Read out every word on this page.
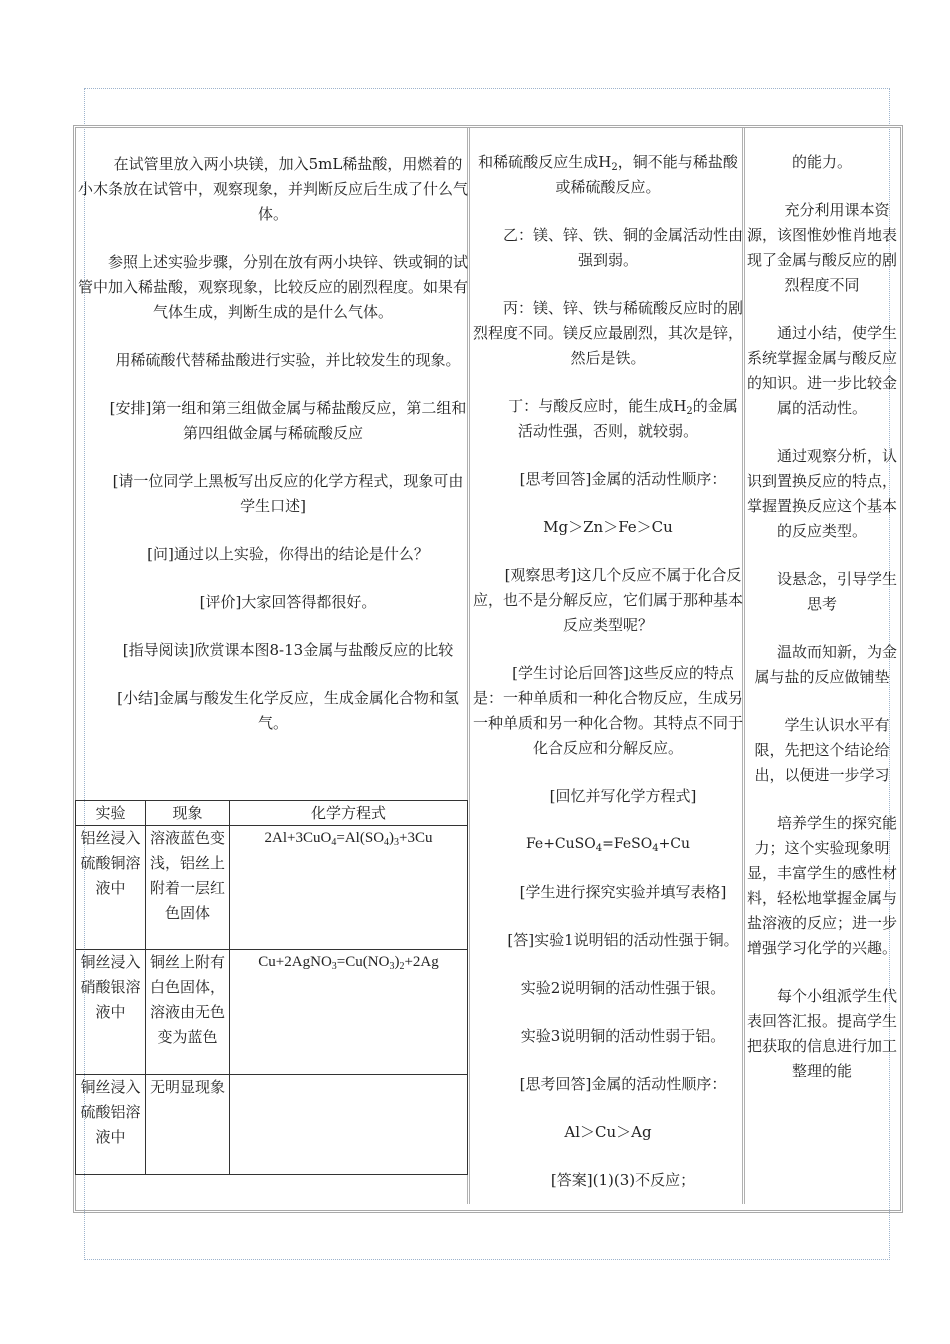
在试管里放入两小块镁，加入5mL稀盐酸，用燃着的小木条放在试管中，观察现象，并判断反应后生成了什么气体。

参照上述实验步骤，分别在放有两小块锌、铁或铜的试管中加入稀盐酸，观察现象，比较反应的剧烈程度。如果有气体生成，判断生成的是什么气体。

用稀硫酸代替稀盐酸进行实验，并比较发生的现象。

[安排]第一组和第三组做金属与稀盐酸反应，第二组和第四组做金属与稀硫酸反应

[请一位同学上黑板写出反应的化学方程式，现象可由学生口述]

[问]通过以上实验，你得出的结论是什么？

[评价]大家回答得都很好。

[指导阅读]欣赏课本图8-13金属与盐酸反应的比较

[小结]金属与酸发生化学反应，生成金属化合物和氢气。

实验	现象	化学方程式
铝丝浸入硫酸铜溶液中	溶液蓝色变浅，铝丝上附着一层红色固体	$2Al+3CuO_4=Al(SO_4)_3+3Cu$
铜丝浸入硝酸银溶液中	铜丝上附有白色固体，溶液由无色变为蓝色	$Cu+2AgNO_3=Cu(NO_3)_2+2Ag$
铜丝浸入硫酸铝溶液中	无明显现象	

和稀硫酸反应生成$H_2$，铜不能与稀盐酸或稀硫酸反应。

乙：镁、锌、铁、铜的金属活动性由强到弱。

丙：镁、锌、铁与稀硫酸反应时的剧烈程度不同。镁反应最剧烈，其次是锌，然后是铁。

丁：与酸反应时，能生成$H_2$的金属活动性强，否则，就较弱。

[思考回答]金属的活动性顺序：

Mg＞Zn＞Fe＞Cu

[观察思考]这几个反应不属于化合反应，也不是分解反应，它们属于那种基本反应类型呢？

[学生讨论后回答]这些反应的特点是：一种单质和一种化合物反应，生成另一种单质和另一种化合物。其特点不同于化合反应和分解反应。

[回忆并写化学方程式]

Fe+CuSO$_4$=FeSO$_4$+Cu

[学生进行探究实验并填写表格]

[答]实验1说明铝的活动性强于铜。

实验2说明铜的活动性强于银。

实验3说明铜的活动性弱于铝。

[思考回答]金属的活动性顺序：

Al＞Cu＞Ag

[答案](1)(3)不反应；

的能力。

充分利用课本资源，该图惟妙惟肖地表现了金属与酸反应的剧烈程度不同

通过小结，使学生系统掌握金属与酸反应的知识。进一步比较金属的活动性。

通过观察分析，认识到置换反应的特点，掌握置换反应这个基本的反应类型。

设悬念，引导学生思考

温故而知新，为金属与盐的反应做铺垫

学生认识水平有限，先把这个结论给出，以便进一步学习

培养学生的探究能力；这个实验现象明显，丰富学生的感性材料，轻松地掌握金属与盐溶液的反应；进一步增强学习化学的兴趣。

每个小组派学生代表回答汇报。提高学生把获取的信息进行加工整理的能
